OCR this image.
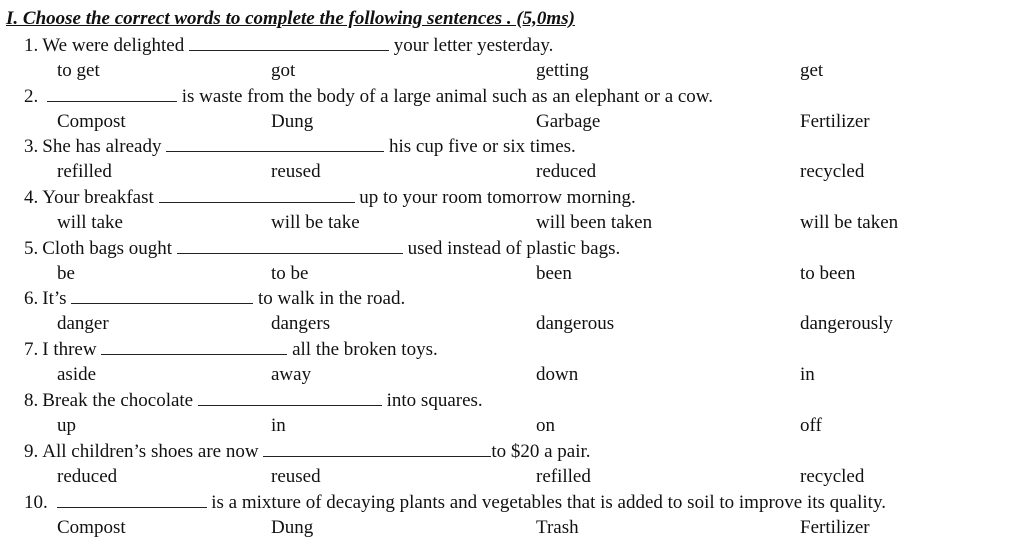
I. Choose the correct words to complete the following sentences . (5,0ms)
1. We were delighted	your letter yesterday.
to get	got	getting	get
2.	is waste from the body of a large animal such as an elephant or a cow.
Compost	Dung	Garbage	Fertilizer
3. She has already	his cup five or six times.
refilled	reused	reduced	recycled
4. Your breakfast	up to your room tomorrow morning.
will take	will be take	will been taken	will be taken
5. Cloth bags ought	used instead of plastic bags.
be	to be	been	to been
6. It’s	to walk in the road.
danger	dangers	dangerous	dangerously
7. I threw	all the broken toys.
aside	away	down	in
8. Break the chocolate	into squares.
up	in	on	off
9. All children’s shoes are now	to $20 a pair.
reduced	reused	refilled	recycled
10.	is a mixture of decaying plants and vegetables that is added to soil to improve its quality.
Compost	Dung	Trash	Fertilizer
